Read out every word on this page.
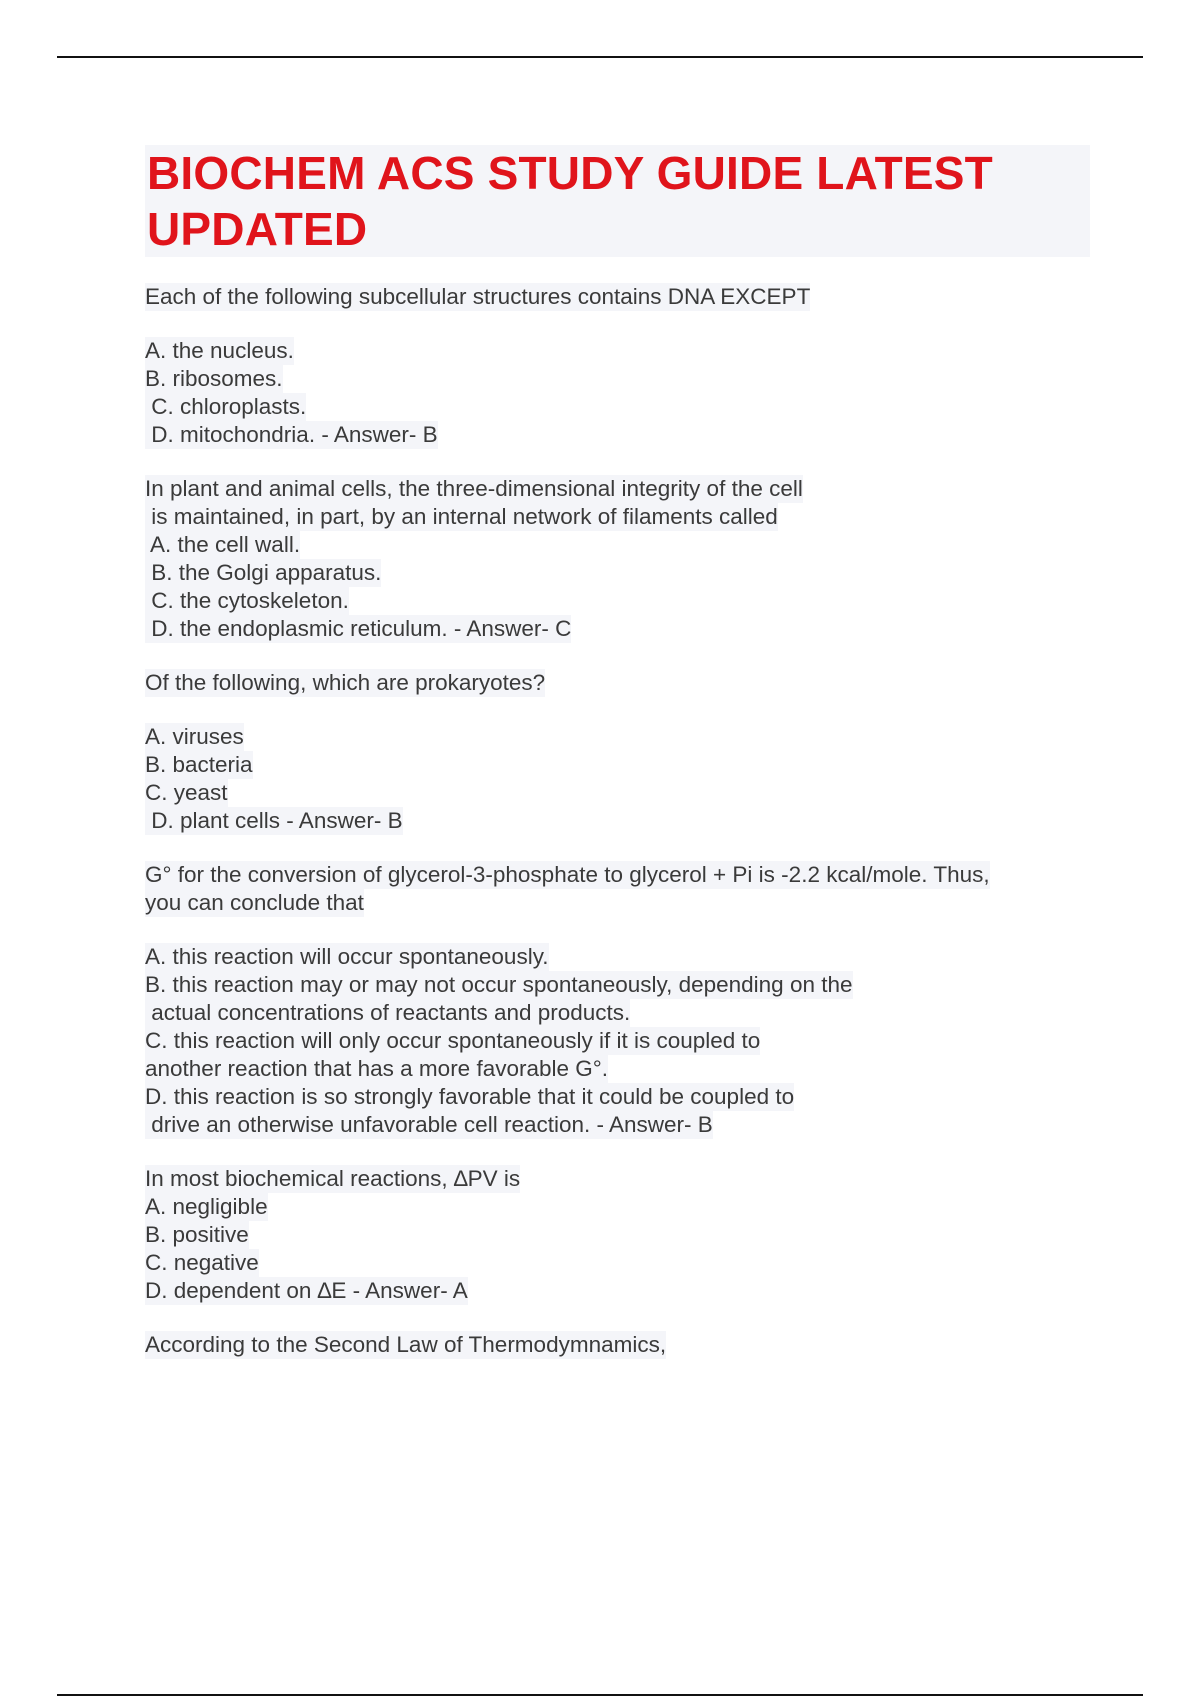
BIOCHEM ACS STUDY GUIDE LATEST UPDATED

Each of the following subcellular structures contains DNA EXCEPT

A. the nucleus.

B. ribosomes.

C. chloroplasts.

D. mitochondria. - Answer- B

In plant and animal cells, the three-dimensional integrity of the cell

is maintained, in part, by an internal network of filaments called

A. the cell wall.

B. the Golgi apparatus.

C. the cytoskeleton.

D. the endoplasmic reticulum. - Answer- C

Of the following, which are prokaryotes?

A. viruses

B. bacteria

C. yeast

D. plant cells - Answer- B

G° for the conversion of glycerol-3-phosphate to glycerol + Pi is -2.2 kcal/mole. Thus,

you can conclude that

A. this reaction will occur spontaneously.

B. this reaction may or may not occur spontaneously, depending on the

actual concentrations of reactants and products.

C. this reaction will only occur spontaneously if it is coupled to

another reaction that has a more favorable G°.

D. this reaction is so strongly favorable that it could be coupled to

drive an otherwise unfavorable cell reaction. - Answer- B

In most biochemical reactions, ∆PV is

A. negligible

B. positive

C. negative

D. dependent on ∆E - Answer- A

According to the Second Law of Thermodymnamics,
